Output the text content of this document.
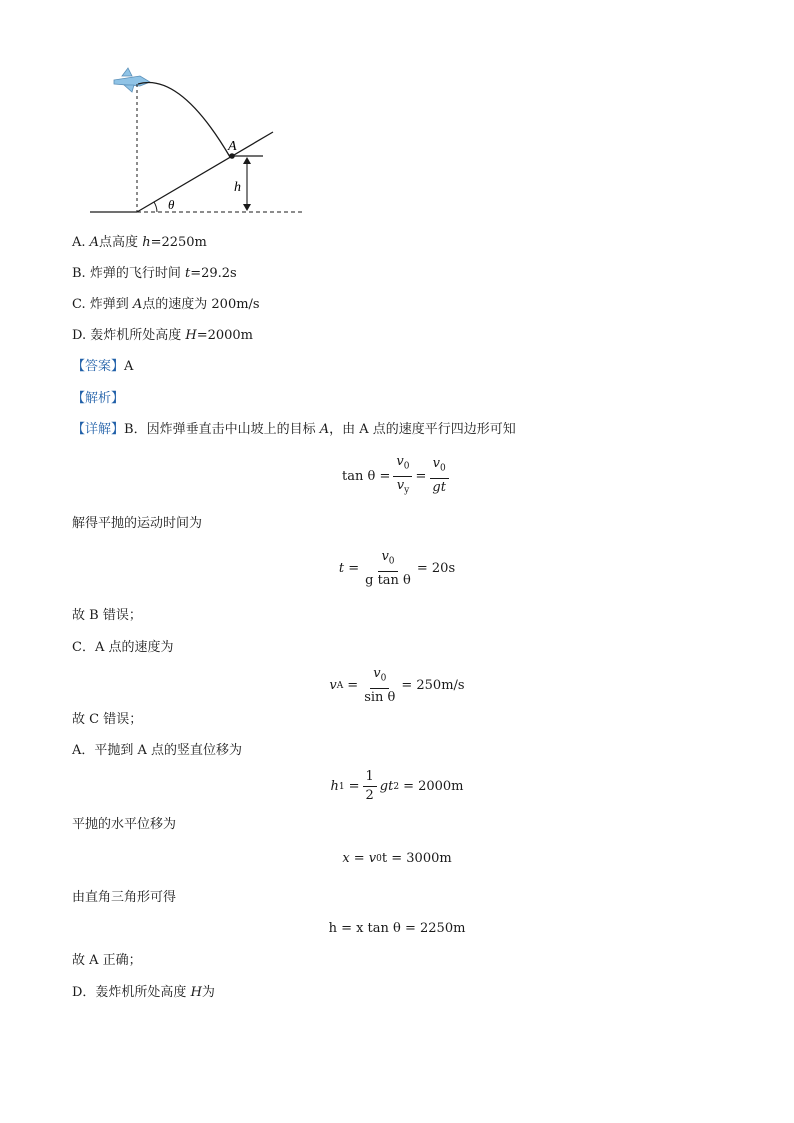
A
h
θ
A. A点高度 h=2250m
B. 炸弹的飞行时间 t=29.2s
C. 炸弹到 A点的速度为 200m/s
D. 轰炸机所处高度 H=2000m
【答案】A
【解析】
【详解】B．因炸弹垂直击中山坡上的目标 A，由 A 点的速度平行四边形可知
$\tan \theta = \frac{v_0}{v_y} = \frac{v_0}{gt}$
解得平抛的运动时间为
$t = \frac{v_0}{\text{g tan θ}} = 20s$
故 B 错误；
C．A 点的速度为
v $A = \frac{v_0}{\text{sin θ}} = 250m/s$
故 C 错误；
A．平抛到 A 点的竖直位移为
h $1 = \frac{1}{2}$ gt 2 = 2000m
平抛的水平位移为
x = v 0 t = 3000m
由直角三角形可得
h = x tan θ = 2250m
故 A 正确；
D．轰炸机所处高度 H为
